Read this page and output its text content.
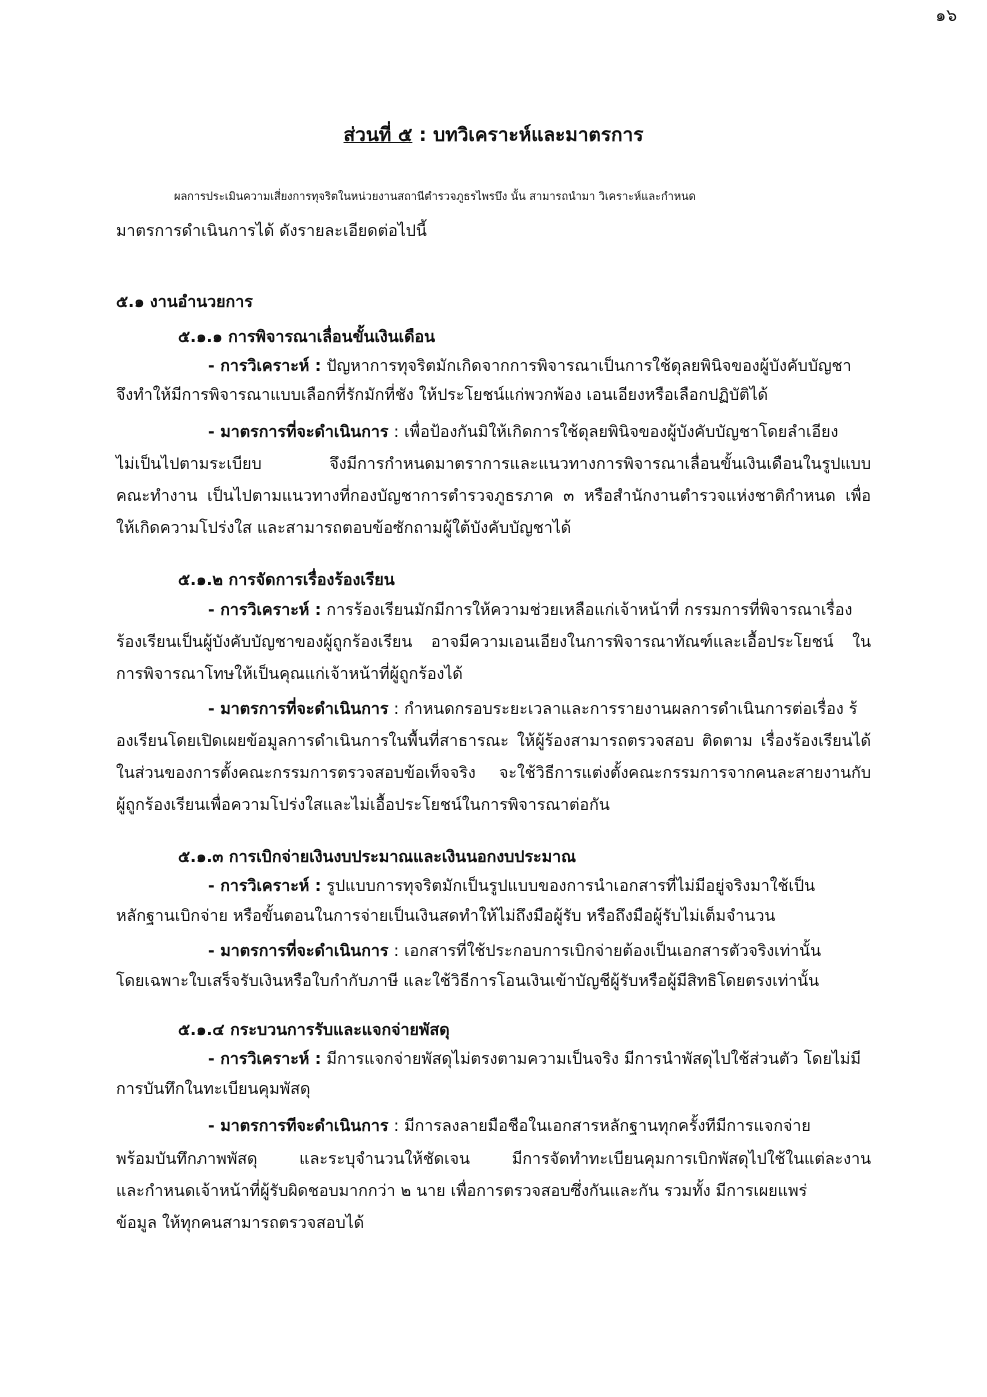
๑๖
ส่วนที่ ๕ : บทวิเคราะห์และมาตรการ
ผลการประเมินความเสี่ยงการทุจริตในหน่วยงานสถานีตำรวจภูธรไพรบึง นั้น สามารถนำมา วิเคราะห์และกำหนด
มาตรการดำเนินการได้ ดังรายละเอียดต่อไปนี้
๕.๑ งานอำนวยการ
๕.๑.๑ การพิจารณาเลื่อนขั้นเงินเดือน
- การวิเคราะห์ : ปัญหาการทุจริตมักเกิดจากการพิจารณาเป็นการใช้ดุลยพินิจของผู้บังคับบัญชา
จึงทำให้มีการพิจารณาแบบเลือกที่รักมักที่ชัง ให้ประโยชน์แก่พวกพ้อง เอนเอียงหรือเลือกปฏิบัติได้
- มาตรการที่จะดำเนินการ : เพื่อป้องกันมิให้เกิดการใช้ดุลยพินิจของผู้บังคับบัญชาโดยลำเอียง
ไม่เป็นไปตามระเบียบ จึงมีการกำหนดมาตราการและแนวทางการพิจารณาเลื่อนขั้นเงินเดือนในรูปแบบ
คณะทำงาน เป็นไปตามแนวทางที่กองบัญชาการตำรวจภูธรภาค ๓ หรือสำนักงานตำรวจแห่งชาติกำหนด เพื่อ
ให้เกิดความโปร่งใส และสามารถตอบข้อซักถามผู้ใต้บังคับบัญชาได้
๕.๑.๒ การจัดการเรื่องร้องเรียน
- การวิเคราะห์ : การร้องเรียนมักมีการให้ความช่วยเหลือแก่เจ้าหน้าที่ กรรมการที่พิจารณาเรื่อง
ร้องเรียนเป็นผู้บังคับบัญชาของผู้ถูกร้องเรียน อาจมีความเอนเอียงในการพิจารณาทัณฑ์และเอื้อประโยชน์ ใน
การพิจารณาโทษให้เป็นคุณแก่เจ้าหน้าที่ผู้ถูกร้องได้
- มาตรการที่จะดำเนินการ : กำหนดกรอบระยะเวลาและการรายงานผลการดำเนินการต่อเรื่อง ร้
องเรียนโดยเปิดเผยข้อมูลการดำเนินการในพื้นที่สาธารณะ ให้ผู้ร้องสามารถตรวจสอบ ติดตาม เรื่องร้องเรียนได้
ในส่วนของการตั้งคณะกรรมการตรวจสอบข้อเท็จจริง จะใช้วิธีการแต่งตั้งคณะกรรมการจากคนละสายงานกับ
ผู้ถูกร้องเรียนเพื่อความโปร่งใสและไม่เอื้อประโยชน์ในการพิจารณาต่อกัน
๕.๑.๓ การเบิกจ่ายเงินงบประมาณและเงินนอกงบประมาณ
- การวิเคราะห์ : รูปแบบการทุจริตมักเป็นรูปแบบของการนำเอกสารที่ไม่มีอยู่จริงมาใช้เป็น
หลักฐานเบิกจ่าย หรือขั้นตอนในการจ่ายเป็นเงินสดทำให้ไม่ถึงมือผู้รับ หรือถึงมือผู้รับไม่เต็มจำนวน
- มาตรการที่จะดำเนินการ : เอกสารที่ใช้ประกอบการเบิกจ่ายต้องเป็นเอกสารตัวจริงเท่านั้น
โดยเฉพาะใบเสร็จรับเงินหรือใบกำกับภาษี และใช้วิธีการโอนเงินเข้าบัญชีผู้รับหรือผู้มีสิทธิโดยตรงเท่านั้น
๕.๑.๔ กระบวนการรับและแจกจ่ายพัสดุ
- การวิเคราะห์ : มีการแจกจ่ายพัสดุไม่ตรงตามความเป็นจริง มีการนำพัสดุไปใช้ส่วนตัว โดยไม่มี
การบันทึกในทะเบียนคุมพัสดุ
- มาตรการทีจะดำเนินการ : มีการลงลายมือชือในเอกสารหลักฐานทุกครั้งทีมีการแจกจ่าย
พร้อมบันทึกภาพพัสดุ และระบุจำนวนให้ชัดเจน มีการจัดทำทะเบียนคุมการเบิกพัสดุไปใช้ในแต่ละงาน
และกำหนดเจ้าหน้าที่ผู้รับผิดชอบมากกว่า ๒ นาย เพื่อการตรวจสอบซึ่งกันและกัน รวมทั้ง มีการเผยแพร่
ข้อมูล ให้ทุกคนสามารถตรวจสอบได้
